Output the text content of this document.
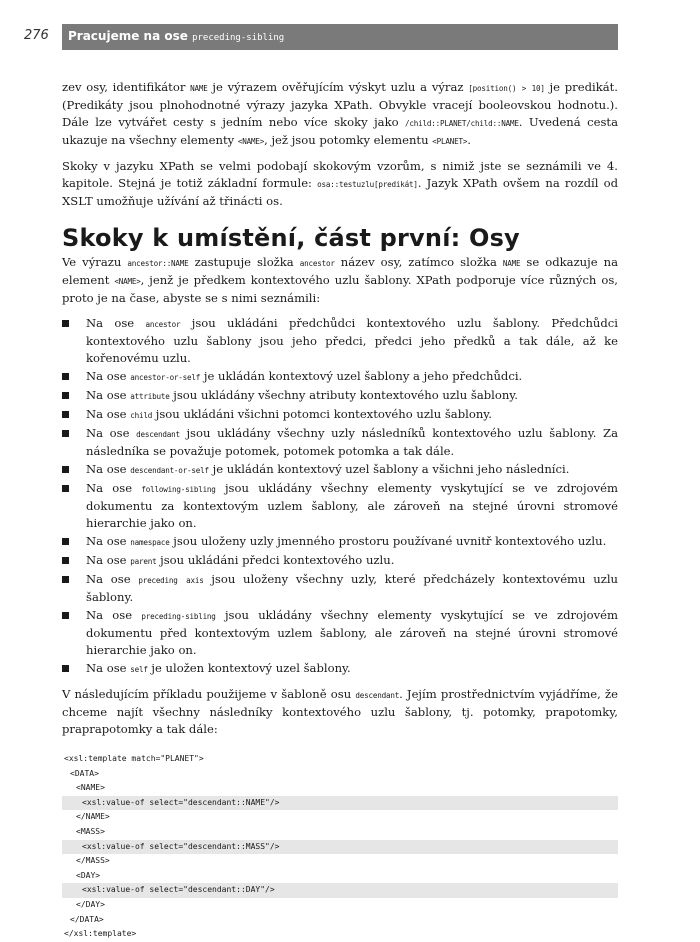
276 Pracujeme na ose preceding-sibling

zev osy, identifikátor NAME je výrazem ověřujícím výskyt uzlu a výraz [position() > 10] je predikát. (Predikáty jsou plnohodnotné výrazy jazyka XPath. Obvykle vracejí booleovskou hodnotu.). Dále lze vytvářet cesty s jedním nebo více skoky jako /child::PLANET/child::NAME. Uvedená cesta ukazuje na všechny elementy <NAME>, jež jsou potomky elementu <PLANET>.

Skoky v jazyku XPath se velmi podobají skokovým vzorům, s nimiž jste se seznámili ve 4. kapitole. Stejná je totiž základní formule: osa::testuzlu[predikát]. Jazyk XPath ovšem na rozdíl od XSLT umožňuje užívání až třinácti os.

Skoky k umístění, část první: Osy

Ve výrazu ancestor::NAME zastupuje složka ancestor název osy, zatímco složka NAME se odkazuje na element <NAME>, jenž je předkem kontextového uzlu šablony. XPath podporuje více různých os, proto je na čase, abyste se s nimi seznámili:

Na ose ancestor jsou ukládáni předchůdci kontextového uzlu šablony. Předchůdci kontextového uzlu šablony jsou jeho předci, předci jeho předků a tak dále, až ke kořenovému uzlu.
Na ose ancestor-or-self je ukládán kontextový uzel šablony a jeho předchůdci.
Na ose attribute jsou ukládány všechny atributy kontextového uzlu šablony.
Na ose child jsou ukládáni všichni potomci kontextového uzlu šablony.
Na ose descendant jsou ukládány všechny uzly následníků kontextového uzlu šablony. Za následníka se považuje potomek, potomek potomka a tak dále.
Na ose descendant-or-self je ukládán kontextový uzel šablony a všichni jeho následníci.
Na ose following-sibling jsou ukládány všechny elementy vyskytující se ve zdrojovém dokumentu za kontextovým uzlem šablony, ale zároveň na stejné úrovni stromové hierarchie jako on.
Na ose namespace jsou uloženy uzly jmenného prostoru používané uvnitř kontextového uzlu.
Na ose parent jsou ukládáni předci kontextového uzlu.
Na ose preceding axis jsou uloženy všechny uzly, které předcházely kontextovému uzlu šablony.
Na ose preceding-sibling jsou ukládány všechny elementy vyskytující se ve zdrojovém dokumentu před kontextovým uzlem šablony, ale zároveň na stejné úrovni stromové hierarchie jako on.
Na ose self je uložen kontextový uzel šablony.

V následujícím příkladu použijeme v šabloně osu descendant. Jejím prostřednictvím vyjádříme, že chceme najít všechny následníky kontextového uzlu šablony, tj. potomky, prapotomky, praprapotomky a tak dále:

<xsl:template match="PLANET">
<DATA>
<NAME>
<xsl:value-of select="descendant::NAME"/>
</NAME>
<MASS>
<xsl:value-of select="descendant::MASS"/>
</MASS>
<DAY>
<xsl:value-of select="descendant::DAY"/>
</DAY>
</DATA>
</xsl:template>
